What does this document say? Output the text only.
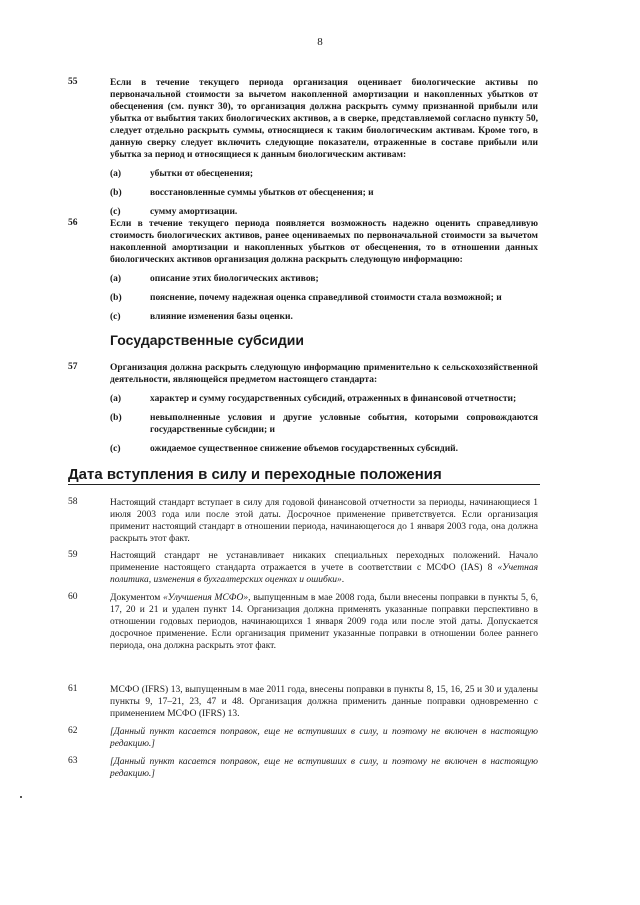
8
55	Если в течение текущего периода организация оценивает биологические активы по первоначальной стоимости за вычетом накопленной амортизации и накопленных убытков от обесценения (см. пункт 30), то организация должна раскрыть сумму признанной прибыли или убытка от выбытия таких биологических активов, а в сверке, представляемой согласно пункту 50, следует отдельно раскрыть суммы, относящиеся к таким биологическим активам. Кроме того, в данную сверку следует включить следующие показатели, отраженные в составе прибыли или убытка за период и относящиеся к данным биологическим активам:
(a)	убытки от обесценения;
(b)	восстановленные суммы убытков от обесценения; и
(c)	сумму амортизации.
56	Если в течение текущего периода появляется возможность надежно оценить справедливую стоимость биологических активов, ранее оцениваемых по первоначальной стоимости за вычетом накопленной амортизации и накопленных убытков от обесценения, то в отношении данных биологических активов организация должна раскрыть следующую информацию:
(a)	описание этих биологических активов;
(b)	пояснение, почему надежная оценка справедливой стоимости стала возможной; и
(c)	влияние изменения базы оценки.
Государственные субсидии
57	Организация должна раскрыть следующую информацию применительно к сельскохозяйственной деятельности, являющейся предметом настоящего стандарта:
(a)	характер и сумму государственных субсидий, отраженных в финансовой отчетности;
(b)	невыполненные условия и другие условные события, которыми сопровождаются государственные субсидии; и
(c)	ожидаемое существенное снижение объемов государственных субсидий.
Дата вступления в силу и переходные положения
58	Настоящий стандарт вступает в силу для годовой финансовой отчетности за периоды, начинающиеся 1 июля 2003 года или после этой даты. Досрочное применение приветствуется. Если организация применит настоящий стандарт в отношении периода, начинающегося до 1 января 2003 года, она должна раскрыть этот факт.
59	Настоящий стандарт не устанавливает никаких специальных переходных положений. Начало применение настоящего стандарта отражается в учете в соответствии с МСФО (IAS) 8 «Учетная политика, изменения в бухгалтерских оценках и ошибки».
60	Документом «Улучшения МСФО», выпущенным в мае 2008 года, были внесены поправки в пункты 5, 6, 17, 20 и 21 и удален пункт 14. Организация должна применять указанные поправки перспективно в отношении годовых периодов, начинающихся 1 января 2009 года или после этой даты. Допускается досрочное применение. Если организация применит указанные поправки в отношении более раннего периода, она должна раскрыть этот факт.
61	МСФО (IFRS) 13, выпущенным в мае 2011 года, внесены поправки в пункты 8, 15, 16, 25 и 30 и удалены пункты 9, 17–21, 23, 47 и 48. Организация должна применить данные поправки одновременно с применением МСФО (IFRS) 13.
62	[Данный пункт касается поправок, еще не вступивших в силу, и поэтому не включен в настоящую редакцию.]
63	[Данный пункт касается поправок, еще не вступивших в силу, и поэтому не включен в настоящую редакцию.]
